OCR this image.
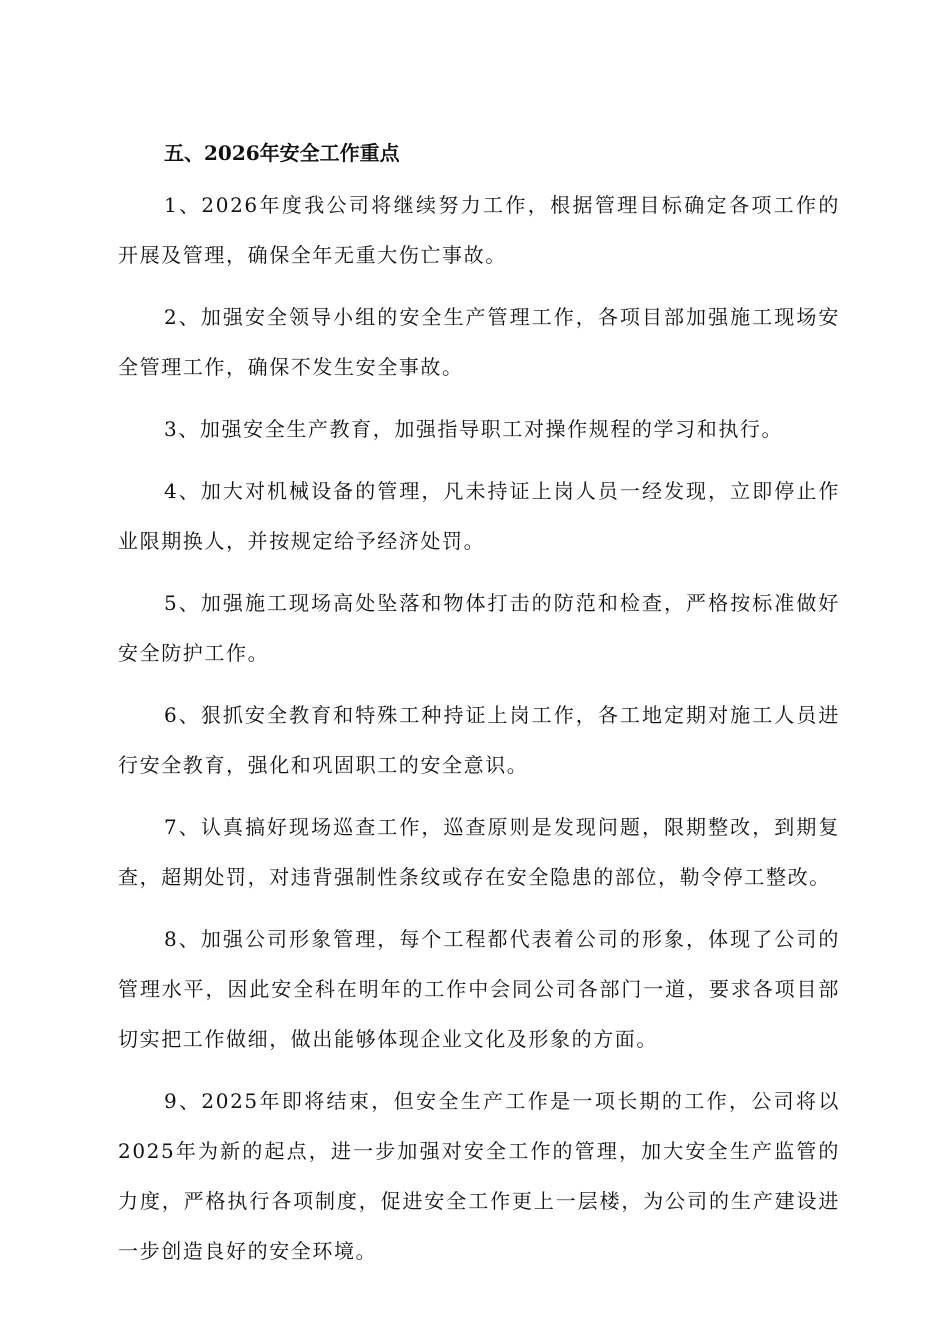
五、2026年安全工作重点

1、2026年度我公司将继续努力工作，根据管理目标确定各项工作的开展及管理，确保全年无重大伤亡事故。

2、加强安全领导小组的安全生产管理工作，各项目部加强施工现场安全管理工作，确保不发生安全事故。

3、加强安全生产教育，加强指导职工对操作规程的学习和执行。

4、加大对机械设备的管理，凡未持证上岗人员一经发现，立即停止作业限期换人，并按规定给予经济处罚。

5、加强施工现场高处坠落和物体打击的防范和检查，严格按标准做好安全防护工作。

6、狠抓安全教育和特殊工种持证上岗工作，各工地定期对施工人员进行安全教育，强化和巩固职工的安全意识。

7、认真搞好现场巡查工作，巡查原则是发现问题，限期整改，到期复查，超期处罚，对违背强制性条纹或存在安全隐患的部位，勒令停工整改。

8、加强公司形象管理，每个工程都代表着公司的形象，体现了公司的管理水平，因此安全科在明年的工作中会同公司各部门一道，要求各项目部切实把工作做细，做出能够体现企业文化及形象的方面。

9、2025年即将结束，但安全生产工作是一项长期的工作，公司将以2025年为新的起点，进一步加强对安全工作的管理，加大安全生产监管的力度，严格执行各项制度，促进安全工作更上一层楼，为公司的生产建设进一步创造良好的安全环境。
